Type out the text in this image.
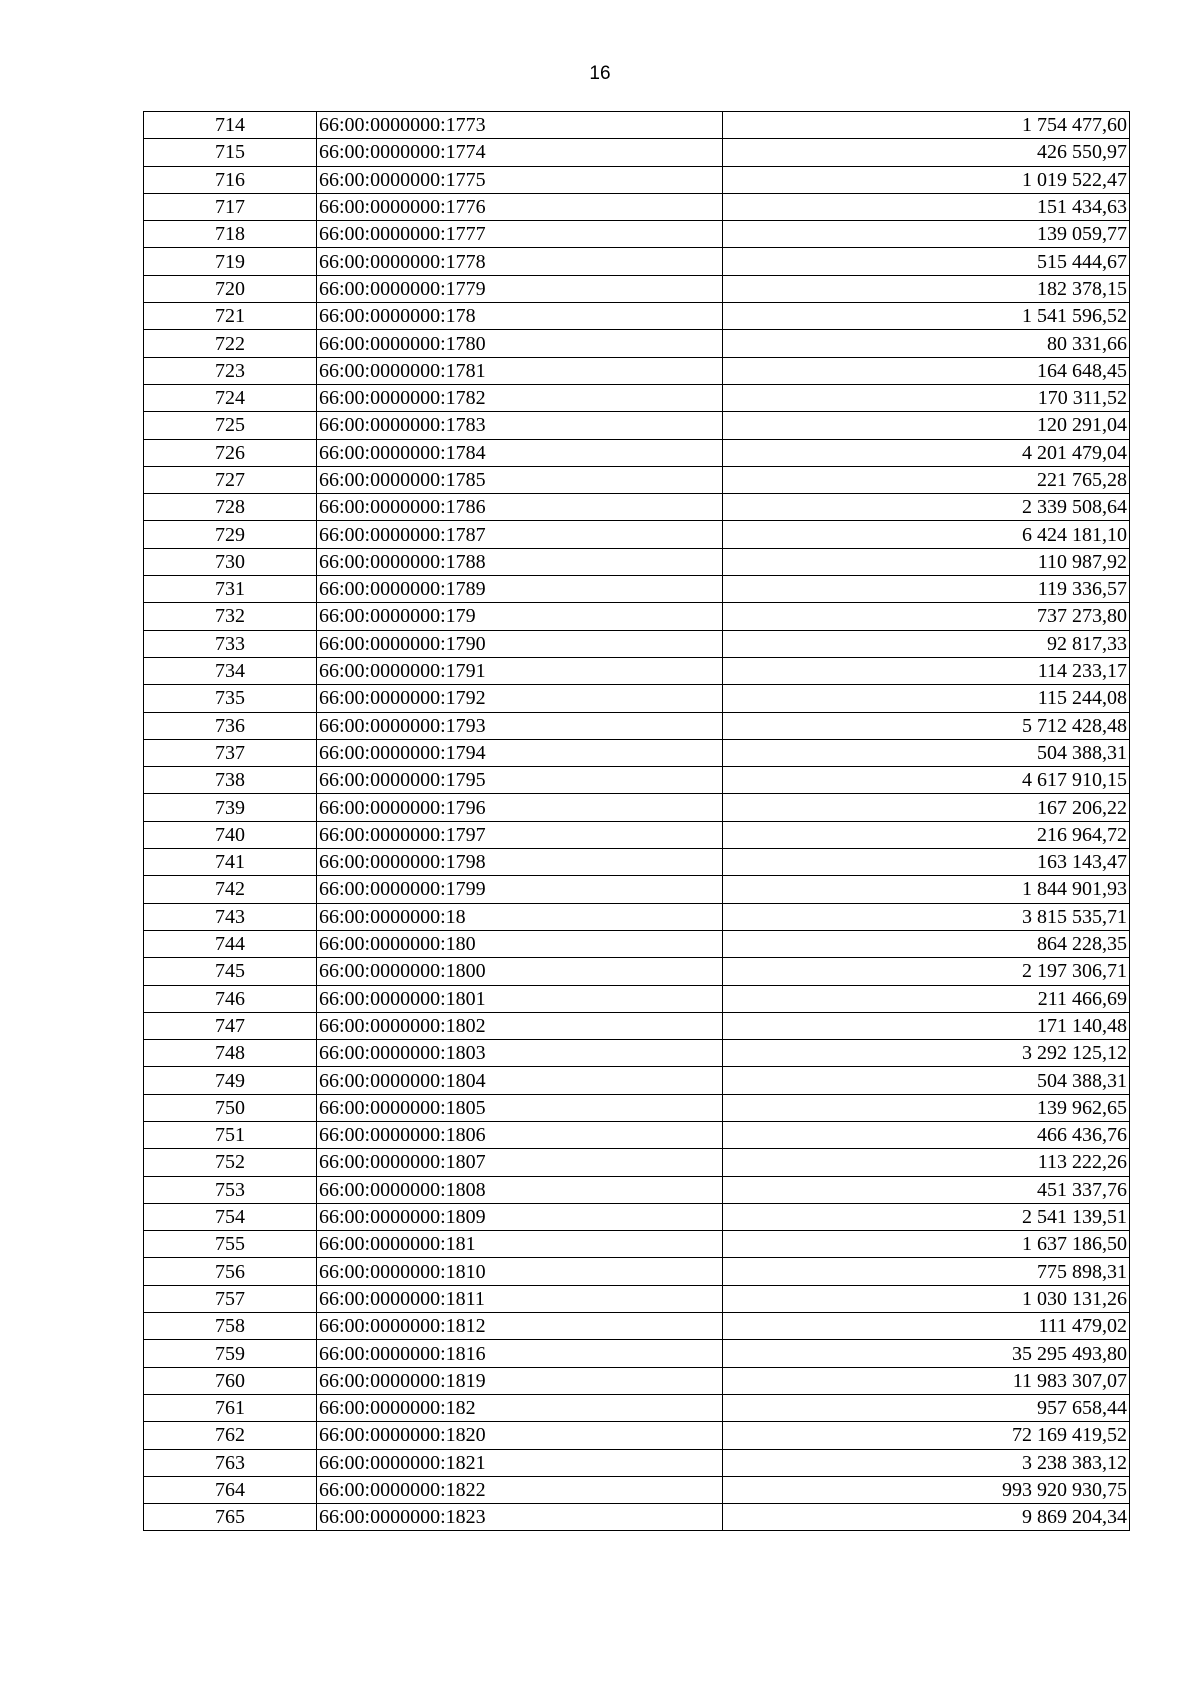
16
714	66:00:0000000:1773	1 754 477,60
715	66:00:0000000:1774	426 550,97
716	66:00:0000000:1775	1 019 522,47
717	66:00:0000000:1776	151 434,63
718	66:00:0000000:1777	139 059,77
719	66:00:0000000:1778	515 444,67
720	66:00:0000000:1779	182 378,15
721	66:00:0000000:178	1 541 596,52
722	66:00:0000000:1780	80 331,66
723	66:00:0000000:1781	164 648,45
724	66:00:0000000:1782	170 311,52
725	66:00:0000000:1783	120 291,04
726	66:00:0000000:1784	4 201 479,04
727	66:00:0000000:1785	221 765,28
728	66:00:0000000:1786	2 339 508,64
729	66:00:0000000:1787	6 424 181,10
730	66:00:0000000:1788	110 987,92
731	66:00:0000000:1789	119 336,57
732	66:00:0000000:179	737 273,80
733	66:00:0000000:1790	92 817,33
734	66:00:0000000:1791	114 233,17
735	66:00:0000000:1792	115 244,08
736	66:00:0000000:1793	5 712 428,48
737	66:00:0000000:1794	504 388,31
738	66:00:0000000:1795	4 617 910,15
739	66:00:0000000:1796	167 206,22
740	66:00:0000000:1797	216 964,72
741	66:00:0000000:1798	163 143,47
742	66:00:0000000:1799	1 844 901,93
743	66:00:0000000:18	3 815 535,71
744	66:00:0000000:180	864 228,35
745	66:00:0000000:1800	2 197 306,71
746	66:00:0000000:1801	211 466,69
747	66:00:0000000:1802	171 140,48
748	66:00:0000000:1803	3 292 125,12
749	66:00:0000000:1804	504 388,31
750	66:00:0000000:1805	139 962,65
751	66:00:0000000:1806	466 436,76
752	66:00:0000000:1807	113 222,26
753	66:00:0000000:1808	451 337,76
754	66:00:0000000:1809	2 541 139,51
755	66:00:0000000:181	1 637 186,50
756	66:00:0000000:1810	775 898,31
757	66:00:0000000:1811	1 030 131,26
758	66:00:0000000:1812	111 479,02
759	66:00:0000000:1816	35 295 493,80
760	66:00:0000000:1819	11 983 307,07
761	66:00:0000000:182	957 658,44
762	66:00:0000000:1820	72 169 419,52
763	66:00:0000000:1821	3 238 383,12
764	66:00:0000000:1822	993 920 930,75
765	66:00:0000000:1823	9 869 204,34
